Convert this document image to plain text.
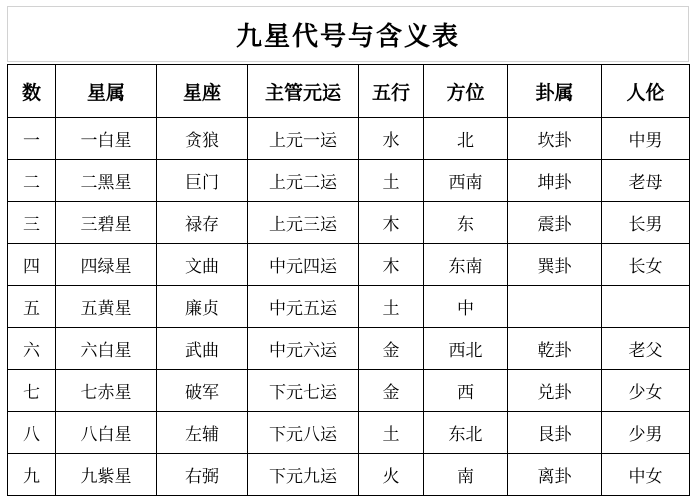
九星代号与含义表
数	星属	星座	主管元运	五行	方位	卦属	人伦
一	一白星	贪狼	上元一运	水	北	坎卦	中男
二	二黑星	巨门	上元二运	土	西南	坤卦	老母
三	三碧星	禄存	上元三运	木	东	震卦	长男
四	四绿星	文曲	中元四运	木	东南	巽卦	长女
五	五黄星	廉贞	中元五运	土	中		
六	六白星	武曲	中元六运	金	西北	乾卦	老父
七	七赤星	破军	下元七运	金	西	兑卦	少女
八	八白星	左辅	下元八运	土	东北	艮卦	少男
九	九紫星	右弼	下元九运	火	南	离卦	中女
